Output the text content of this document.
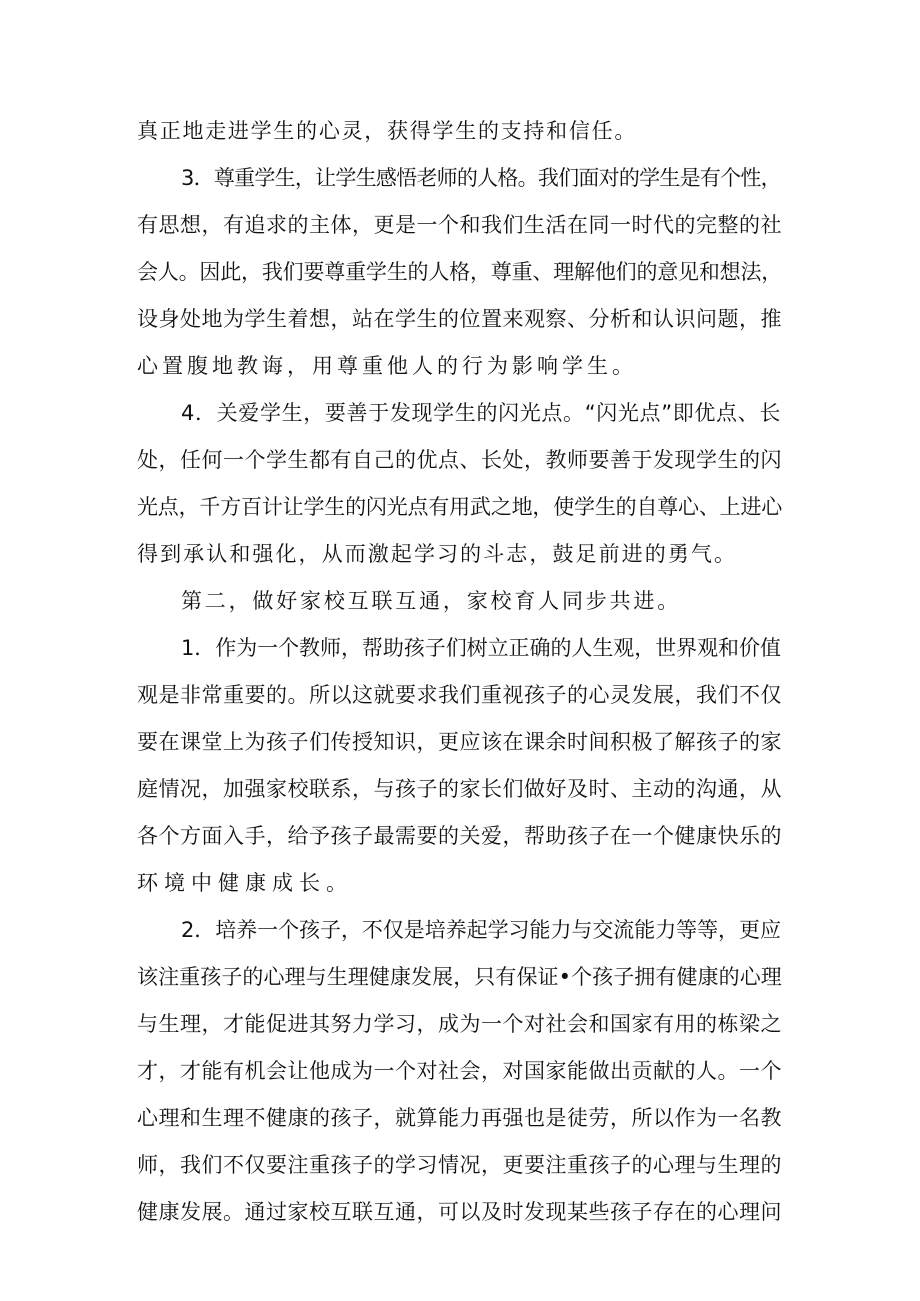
真正地走进学生的心灵，获得学生的支持和信任。
3．尊重学生，让学生感悟老师的人格。我们面对的学生是有个性，
有思想，有追求的主体，更是一个和我们生活在同一时代的完整的社
会人。因此，我们要尊重学生的人格，尊重、理解他们的意见和想法，
设身处地为学生着想，站在学生的位置来观察、分析和认识问题，推
心置腹地教诲，用尊重他人的行为影响学生。
4．关爱学生，要善于发现学生的闪光点。“闪光点”即优点、长
处，任何一个学生都有自己的优点、长处，教师要善于发现学生的闪
光点，千方百计让学生的闪光点有用武之地，使学生的自尊心、上进心
得到承认和强化，从而激起学习的斗志，鼓足前进的勇气。
第二，做好家校互联互通，家校育人同步共进。
1．作为一个教师，帮助孩子们树立正确的人生观，世界观和价值
观是非常重要的。所以这就要求我们重视孩子的心灵发展，我们不仅
要在课堂上为孩子们传授知识，更应该在课余时间积极了解孩子的家
庭情况，加强家校联系，与孩子的家长们做好及时、主动的沟通，从
各个方面入手，给予孩子最需要的关爱，帮助孩子在一个健康快乐的
环境中健康成长。
2．培养一个孩子，不仅是培养起学习能力与交流能力等等，更应
该注重孩子的心理与生理健康发展，只有保证•个孩子拥有健康的心理
与生理，才能促进其努力学习，成为一个对社会和国家有用的栋梁之
才，才能有机会让他成为一个对社会，对国家能做出贡献的人。一个
心理和生理不健康的孩子，就算能力再强也是徒劳，所以作为一名教
师，我们不仅要注重孩子的学习情况，更要注重孩子的心理与生理的
健康发展。通过家校互联互通，可以及时发现某些孩子存在的心理问
